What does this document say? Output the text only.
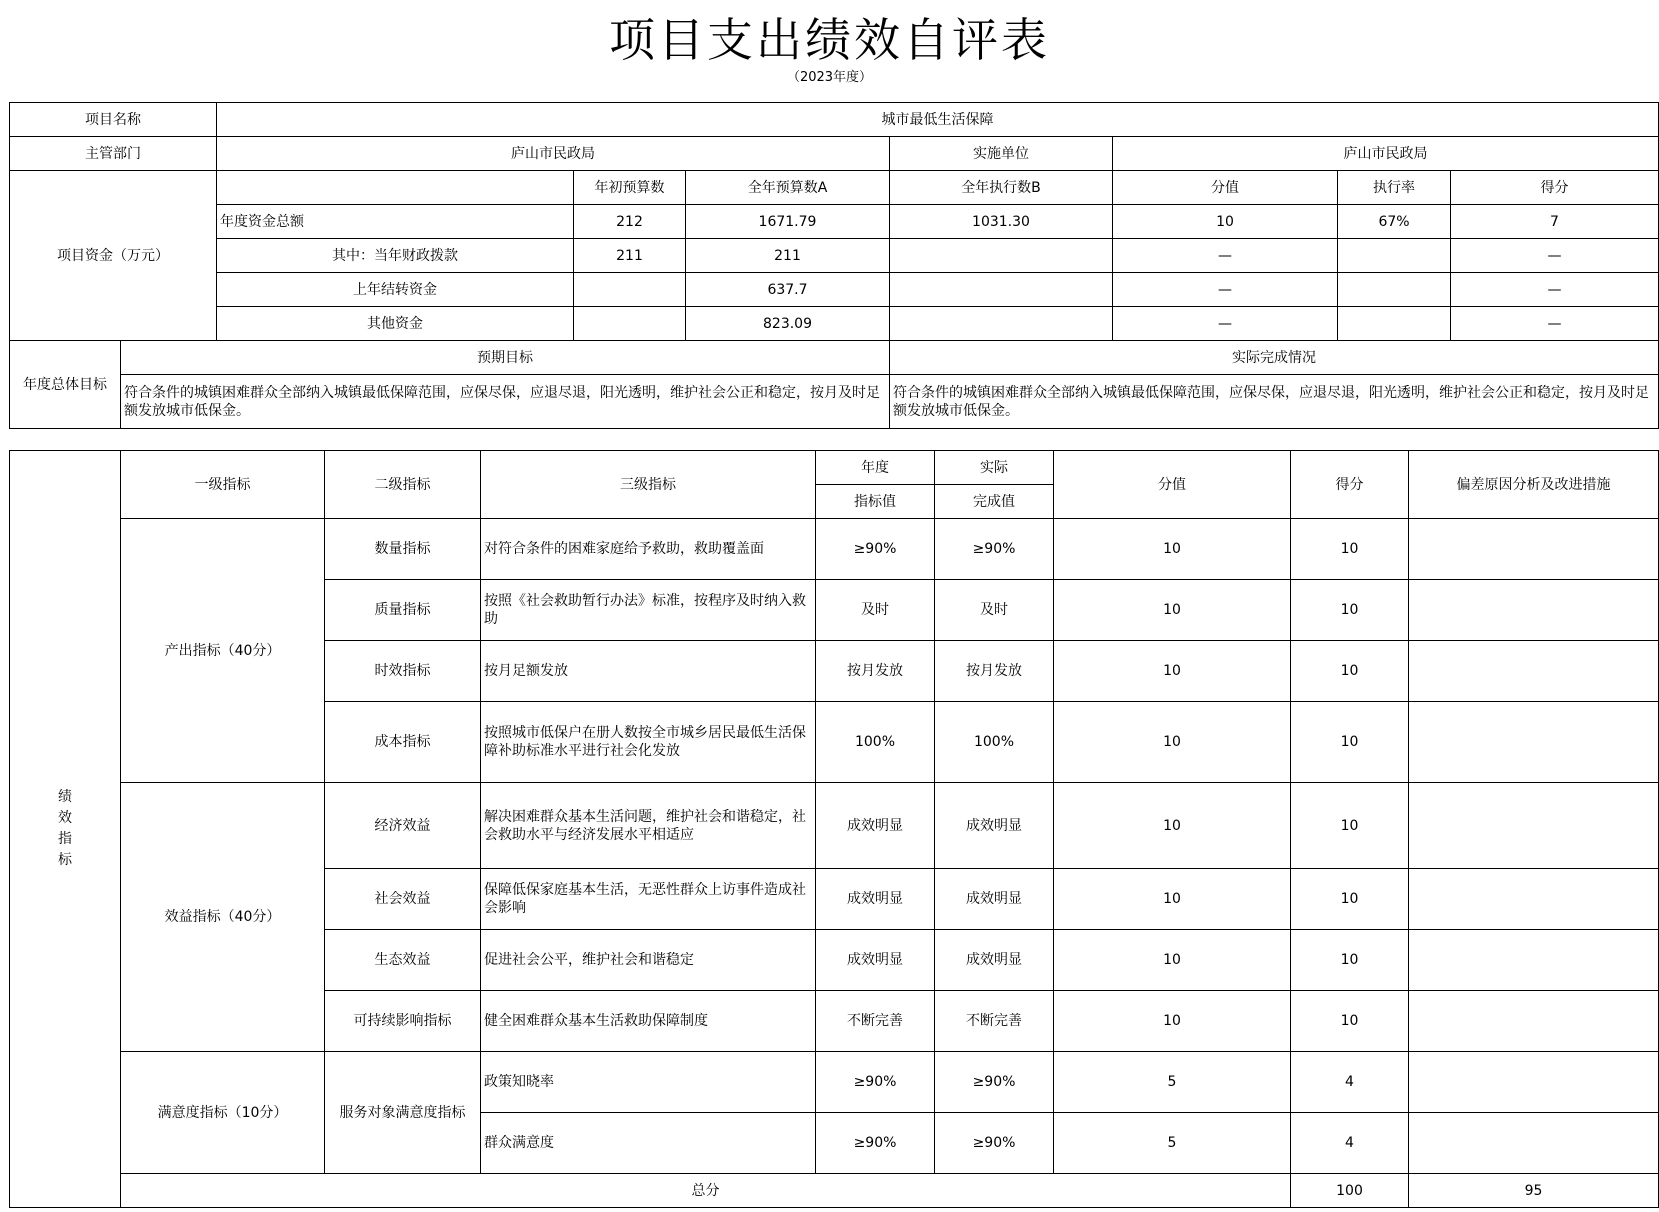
项目支出绩效自评表
（2023年度）
项目名称		城市最低生活保障						
主管部门		庐山市民政局			实施单位	庐山市民政局		
项目资金（万元）			年初预算数	全年预算数A	全年执行数B	分值	执行率	得分
		年度资金总额	212	1671.79	1031.30	10	67%	7
		其中：当年财政拨款	211	211		—		—
		上年结转资金		637.7		—		—
		其他资金		823.09		—		—
年度总体目标	预期目标				实际完成情况			
	符合条件的城镇困难群众全部纳入城镇最低保障范围，应保尽保，应退尽退，阳光透明，维护社会公正和稳定，按月及时足额发放城市低保金。				符合条件的城镇困难群众全部纳入城镇最低保障范围，应保尽保，应退尽退，阳光透明，维护社会公正和稳定，按月及时足额发放城市低保金。			
绩效指标	一级指标	二级指标	三级指标	年度	实际	分值	得分	偏差原因分析及改进措施	
				指标值	完成值				
	产出指标（40分）	数量指标	对符合条件的困难家庭给予救助，救助覆盖面	≥90%	≥90%	10	10		
		质量指标	按照《社会救助暂行办法》标准，按程序及时纳入救助	及时	及时	10	10		
		时效指标	按月足额发放	按月发放	按月发放	10	10		
		成本指标	按照城市低保户在册人数按全市城乡居民最低生活保障补助标准水平进行社会化发放	100%	100%	10	10		
	效益指标（40分）	经济效益	解决困难群众基本生活问题，维护社会和谐稳定，社会救助水平与经济发展水平相适应	成效明显	成效明显	10	10		
		社会效益	保障低保家庭基本生活，无恶性群众上访事件造成社会影响	成效明显	成效明显	10	10		
		生态效益	促进社会公平，维护社会和谐稳定	成效明显	成效明显	10	10		
		可持续影响指标	健全困难群众基本生活救助保障制度	不断完善	不断完善	10	10		
	满意度指标（10分）	服务对象满意度指标	政策知晓率	≥90%	≥90%	5	4		
			群众满意度	≥90%	≥90%	5	4		
	总分						100	95	
